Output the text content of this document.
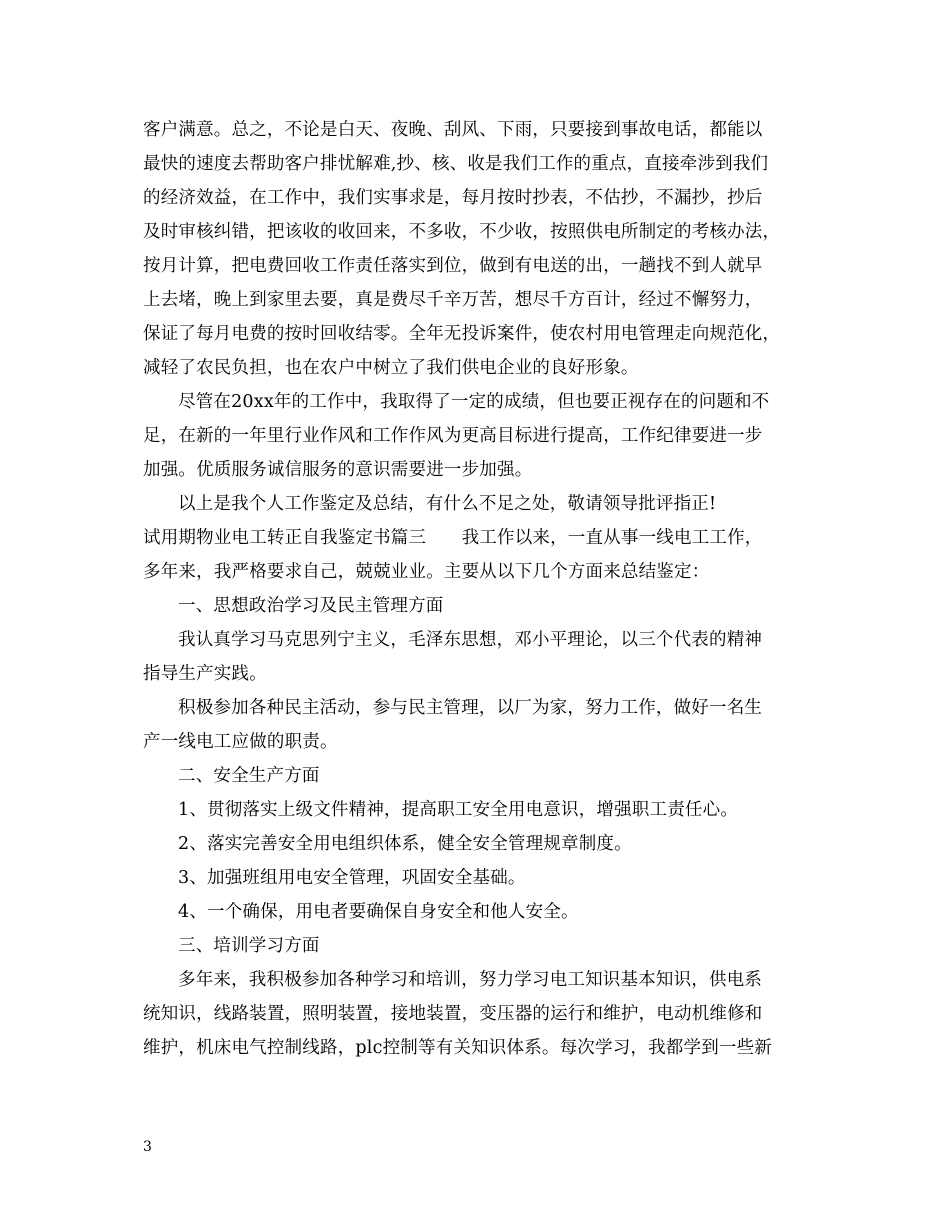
客户满意。总之，不论是白天、夜晚、刮风、下雨，只要接到事故电话，都能以
最快的速度去帮助客户排忧解难,抄、核、收是我们工作的重点，直接牵涉到我们
的经济效益，在工作中，我们实事求是，每月按时抄表，不估抄，不漏抄，抄后
及时审核纠错，把该收的收回来，不多收，不少收，按照供电所制定的考核办法，
按月计算，把电费回收工作责任落实到位，做到有电送的出，一趟找不到人就早
上去堵，晚上到家里去要，真是费尽千辛万苦，想尽千方百计，经过不懈努力，
保证了每月电费的按时回收结零。全年无投诉案件，使农村用电管理走向规范化，
减轻了农民负担，也在农户中树立了我们供电企业的良好形象。
尽管在20xx年的工作中，我取得了一定的成绩，但也要正视存在的问题和不
足，在新的一年里行业作风和工作作风为更高目标进行提高，工作纪律要进一步
加强。优质服务诚信服务的意识需要进一步加强。
以上是我个人工作鉴定及总结，有什么不足之处，敬请领导批评指正!
试用期物业电工转正自我鉴定书篇三　　我工作以来，一直从事一线电工工作，
多年来，我严格要求自己，兢兢业业。主要从以下几个方面来总结鉴定：
一、思想政治学习及民主管理方面
我认真学习马克思列宁主义，毛泽东思想，邓小平理论，以三个代表的精神
指导生产实践。
积极参加各种民主活动，参与民主管理，以厂为家，努力工作，做好一名生
产一线电工应做的职责。
二、安全生产方面
1、贯彻落实上级文件精神，提高职工安全用电意识，增强职工责任心。
2、落实完善安全用电组织体系，健全安全管理规章制度。
3、加强班组用电安全管理，巩固安全基础。
4、一个确保，用电者要确保自身安全和他人安全。
三、培训学习方面
多年来，我积极参加各种学习和培训，努力学习电工知识基本知识，供电系
统知识，线路装置，照明装置，接地装置，变压器的运行和维护，电动机维修和
维护，机床电气控制线路，plc控制等有关知识体系。每次学习，我都学到一些新
3
